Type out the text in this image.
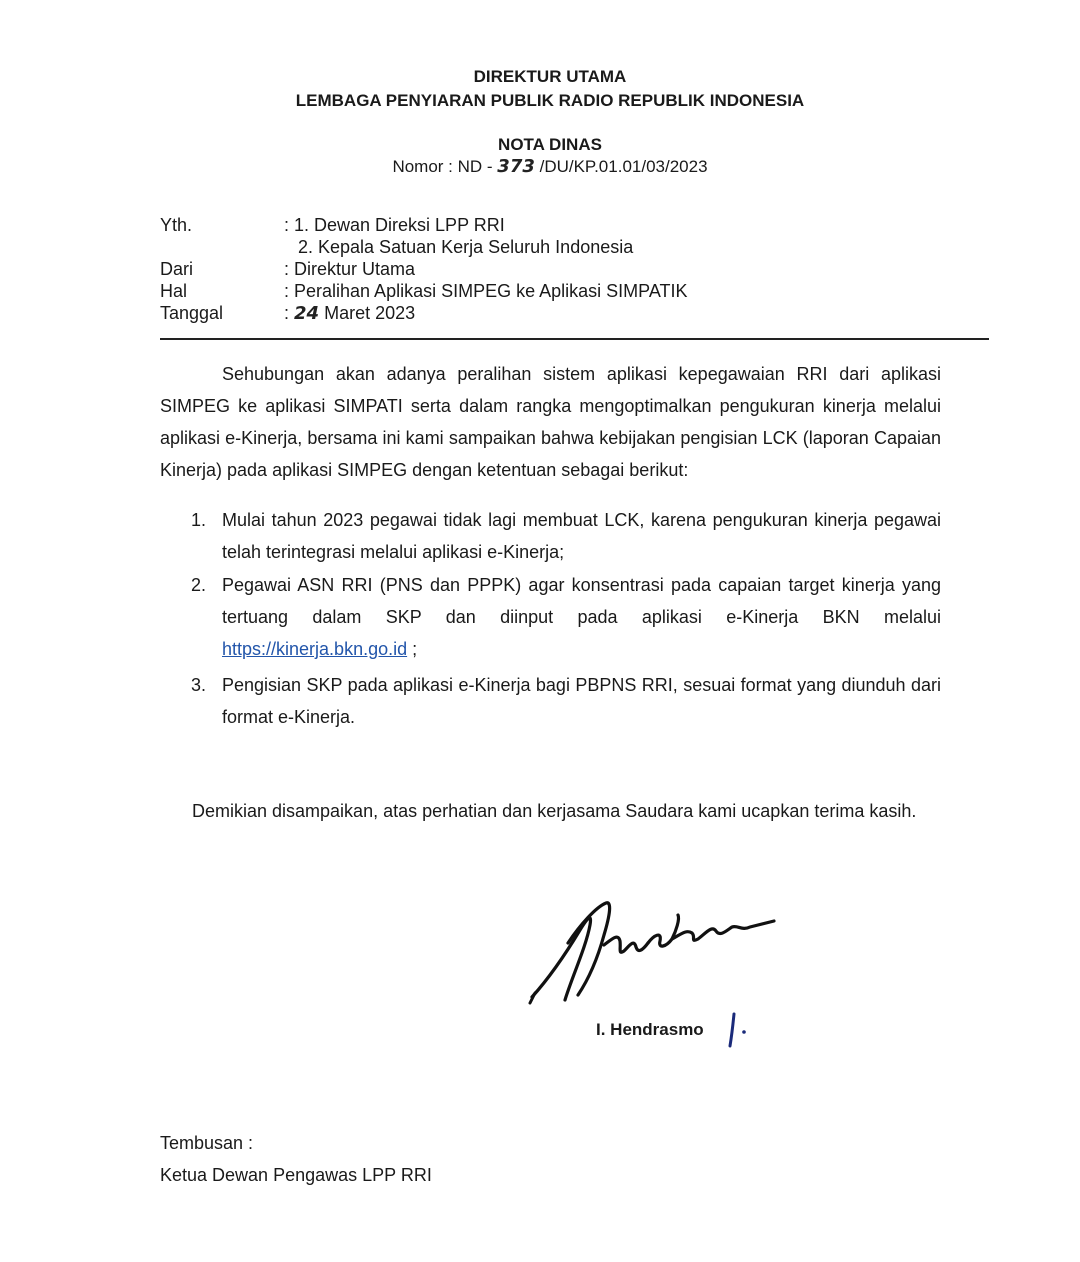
DIREKTUR UTAMA
LEMBAGA PENYIARAN PUBLIK RADIO REPUBLIK INDONESIA
NOTA DINAS
Nomor : ND - 373 /DU/KP.01.01/03/2023
Yth.	: 1. Dewan Direksi LPP RRI
2. Kepala Satuan Kerja Seluruh Indonesia
Dari	: Direktur Utama
Hal	: Peralihan Aplikasi SIMPEG ke Aplikasi SIMPATIK
Tanggal	: 24 Maret 2023
Sehubungan akan adanya peralihan sistem aplikasi kepegawaian RRI dari aplikasi SIMPEG ke aplikasi SIMPATI serta dalam rangka mengoptimalkan pengukuran kinerja melalui aplikasi e-Kinerja, bersama ini kami sampaikan bahwa kebijakan pengisian LCK (laporan Capaian Kinerja) pada aplikasi SIMPEG dengan ketentuan sebagai berikut:
1. Mulai tahun 2023 pegawai tidak lagi membuat LCK, karena pengukuran kinerja pegawai telah terintegrasi melalui aplikasi e-Kinerja;
2. Pegawai ASN RRI (PNS dan PPPK) agar konsentrasi pada capaian target kinerja yang tertuang dalam SKP dan diinput pada aplikasi e-Kinerja BKN melalui https://kinerja.bkn.go.id ;
3. Pengisian SKP pada aplikasi e-Kinerja bagi PBPNS RRI, sesuai format yang diunduh dari format e-Kinerja.
Demikian disampaikan, atas perhatian dan kerjasama Saudara kami ucapkan terima kasih.
I. Hendrasmo
Tembusan :
Ketua Dewan Pengawas LPP RRI
